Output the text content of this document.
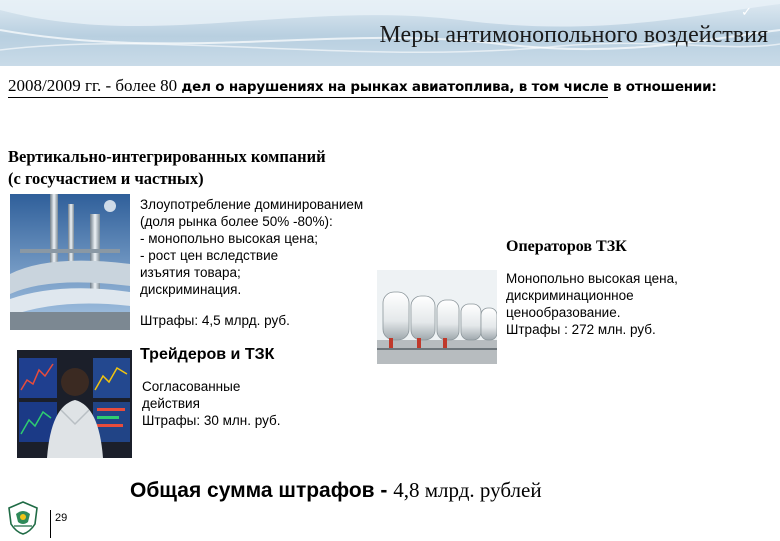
✓
Меры антимонопольного воздействия
2008/2009 гг. - более 80 дел о нарушениях на рынках авиатоплива, в том числе в отношении:
Вертикально-интегрированных компаний
(с госучастием и частных)

Злоупотребление доминированием
(доля рынка более 50% -80%):
- монопольно высокая цена;
- рост цен вследствие
изъятия товара;
дискриминация.

Штрафы: 4,5 млрд. руб.

Операторов ТЗК

Монопольно высокая цена,
дискриминационное
ценообразование.
Штрафы : 272 млн. руб.

Трейдеров и ТЗК

Согласованные
действия
Штрафы: 30 млн. руб.

Общая сумма штрафов - 4,8 млрд. рублей
29
